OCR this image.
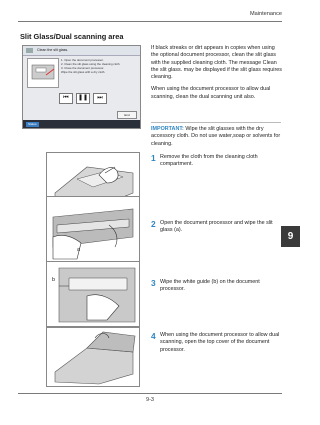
Maintenance
Slit Glass/Dual scanning area
Clean the slit glass.
1. Open the document processor.
2. Clean the slit glass using the cleaning cloth.
3. Close the document processor.
Wipe the slit glass with a dry cloth.
⏮	❚❚	⏭
End
Status

If black streaks or dirt appears in copies when using the optional document processor, clean the slit glass with the supplied cleaning cloth. The message Clean the slit glass. may be displayed if the slit glass requires cleaning.

When using the document processor to allow dual scanning, clean the dual scanning unit also.

IMPORTANT: Wipe the slit glasses with the dry accessory cloth. Do not use water,soap or solvents for cleaning.
a
b
1 Remove the cloth from the cleaning cloth compartment.
2 Open the document processor and wipe the slit glass (a).
3 Wipe the white guide (b) on the document processor.
4 When using the document processor to allow dual scanning, open the top cover of the document processor.
9
9-3
